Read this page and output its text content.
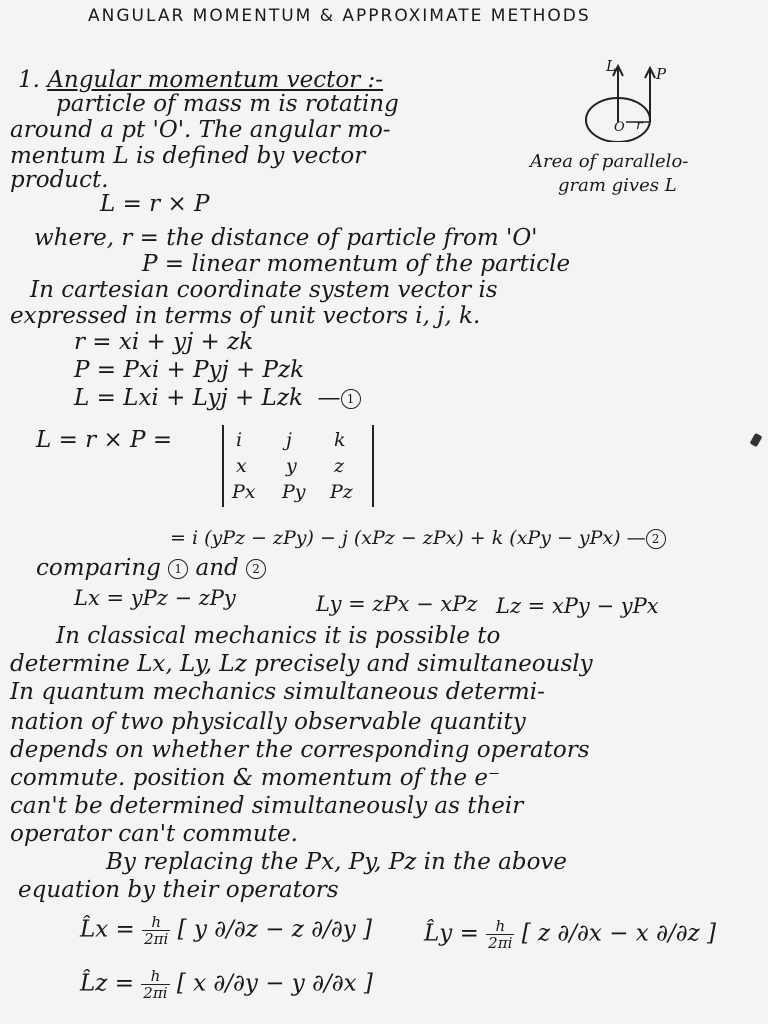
ANGULAR MOMENTUM & APPROXIMATE METHODS
1. Angular momentum vector :-
L	P
O r
Area of parallelo-
gram gives L
particle of mass m is rotating
around a pt 'O'. The angular mo-
mentum L is defined by vector
product.
L = r × P
where, r = the distance of particle from 'O'
P = linear momentum of the particle
In cartesian coordinate system vector is
expressed in terms of unit vectors i, j, k.
r = xi + yj + zk
P = Pxi + Pyj + Pzk
L = Lxi + Lyj + Lzk  — 1
L = r × P =	i j k
x y z
Px Py Pz
= i (yPz − zPy) − j (xPz − zPx) + k (xPy − yPx) — 2
comparing 1 and 2
Lx = yPz − zPy	Ly = zPx − xPz Lz = xPy − yPx
In classical mechanics it is possible to
determine Lx, Ly, Lz precisely and simultaneously
In quantum mechanics simultaneous determi-
nation of two physically observable quantity
depends on whether the corresponding operators
commute. position & momentum of the e⁻
can't be determined simultaneously as their
operator can't commute.
By replacing the Px, Py, Pz in the above
equation by their operators
L̂x = $\frac{h}{2\pi i}$ [ y ∂/∂z − z ∂/∂y ] L̂y = $\frac{h}{2\pi i}$ [ z ∂/∂x − x ∂/∂z ]
L̂z = $\frac{h}{2\pi i}$ [ x ∂/∂y − y ∂/∂x ]
